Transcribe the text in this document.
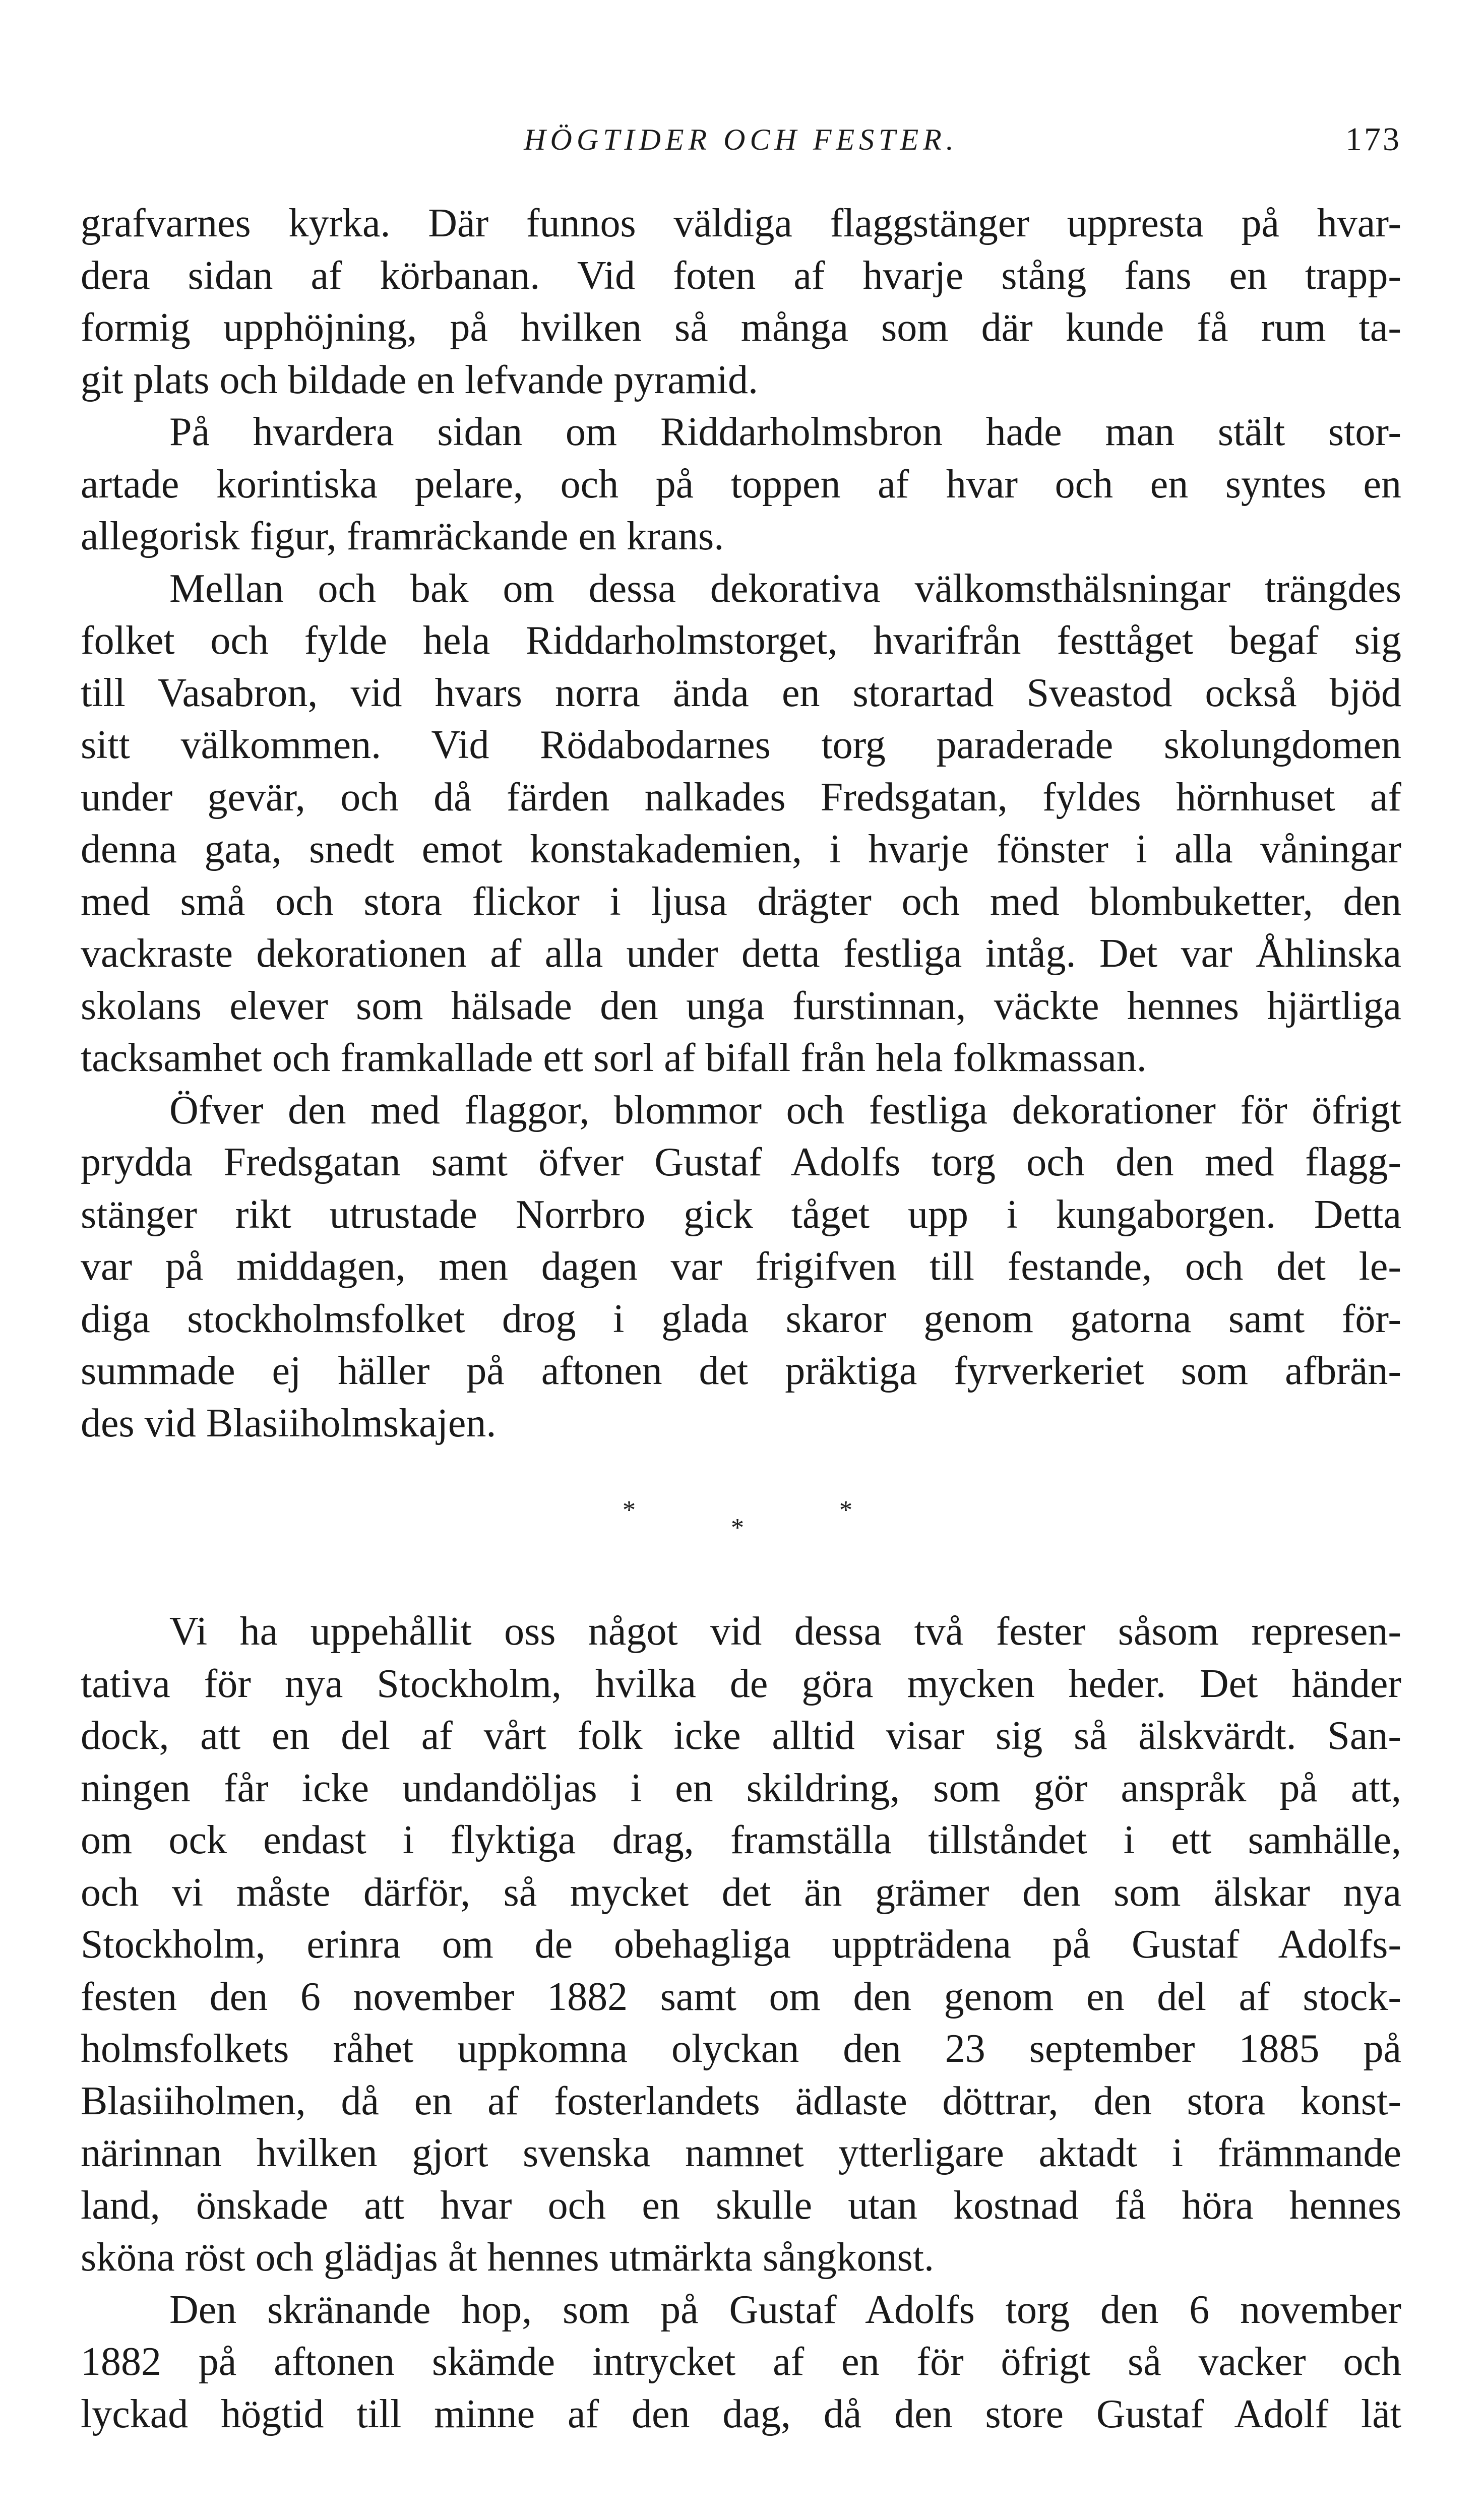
HÖGTIDER OCH FESTER.	173
grafvarnes kyrka. Där funnos väldiga flaggstänger uppresta på hvar-
dera sidan af körbanan. Vid foten af hvarje stång fans en trapp-
formig upphöjning, på hvilken så många som där kunde få rum ta-
git plats och bildade en lefvande pyramid.
På hvardera sidan om Riddarholmsbron hade man stält stor-
artade korintiska pelare, och på toppen af hvar och en syntes en
allegorisk figur, framräckande en krans.
Mellan och bak om dessa dekorativa välkomsthälsningar trängdes
folket och fylde hela Riddarholmstorget, hvarifrån festtåget begaf sig
till Vasabron, vid hvars norra ända en storartad Sveastod också bjöd
sitt välkommen. Vid Rödabodarnes torg paraderade skolungdomen
under gevär, och då färden nalkades Fredsgatan, fyldes hörnhuset af
denna gata, snedt emot konstakademien, i hvarje fönster i alla våningar
med små och stora flickor i ljusa drägter och med blombuketter, den
vackraste dekorationen af alla under detta festliga intåg. Det var Åhlinska
skolans elever som hälsade den unga furstinnan, väckte hennes hjärtliga
tacksamhet och framkallade ett sorl af bifall från hela folkmassan.
Öfver den med flaggor, blommor och festliga dekorationer för öfrigt
prydda Fredsgatan samt öfver Gustaf Adolfs torg och den med flagg-
stänger rikt utrustade Norrbro gick tåget upp i kungaborgen. Detta
var på middagen, men dagen var frigifven till festande, och det le-
diga stockholmsfolket drog i glada skaror genom gatorna samt för-
summade ej häller på aftonen det präktiga fyrverkeriet som afbrän-
des vid Blasiiholmskajen.
*
*
*
Vi ha uppehållit oss något vid dessa två fester såsom represen-
tativa för nya Stockholm, hvilka de göra mycken heder. Det händer
dock, att en del af vårt folk icke alltid visar sig så älskvärdt. San-
ningen får icke undandöljas i en skildring, som gör anspråk på att,
om ock endast i flyktiga drag, framställa tillståndet i ett samhälle,
och vi måste därför, så mycket det än grämer den som älskar nya
Stockholm, erinra om de obehagliga uppträdena på Gustaf Adolfs-
festen den 6 november 1882 samt om den genom en del af stock-
holmsfolkets råhet uppkomna olyckan den 23 september 1885 på
Blasiiholmen, då en af fosterlandets ädlaste döttrar, den stora konst-
närinnan hvilken gjort svenska namnet ytterligare aktadt i främmande
land, önskade att hvar och en skulle utan kostnad få höra hennes
sköna röst och glädjas åt hennes utmärkta sångkonst.
Den skränande hop, som på Gustaf Adolfs torg den 6 november
1882 på aftonen skämde intrycket af en för öfrigt så vacker och
lyckad högtid till minne af den dag, då den store Gustaf Adolf lät
